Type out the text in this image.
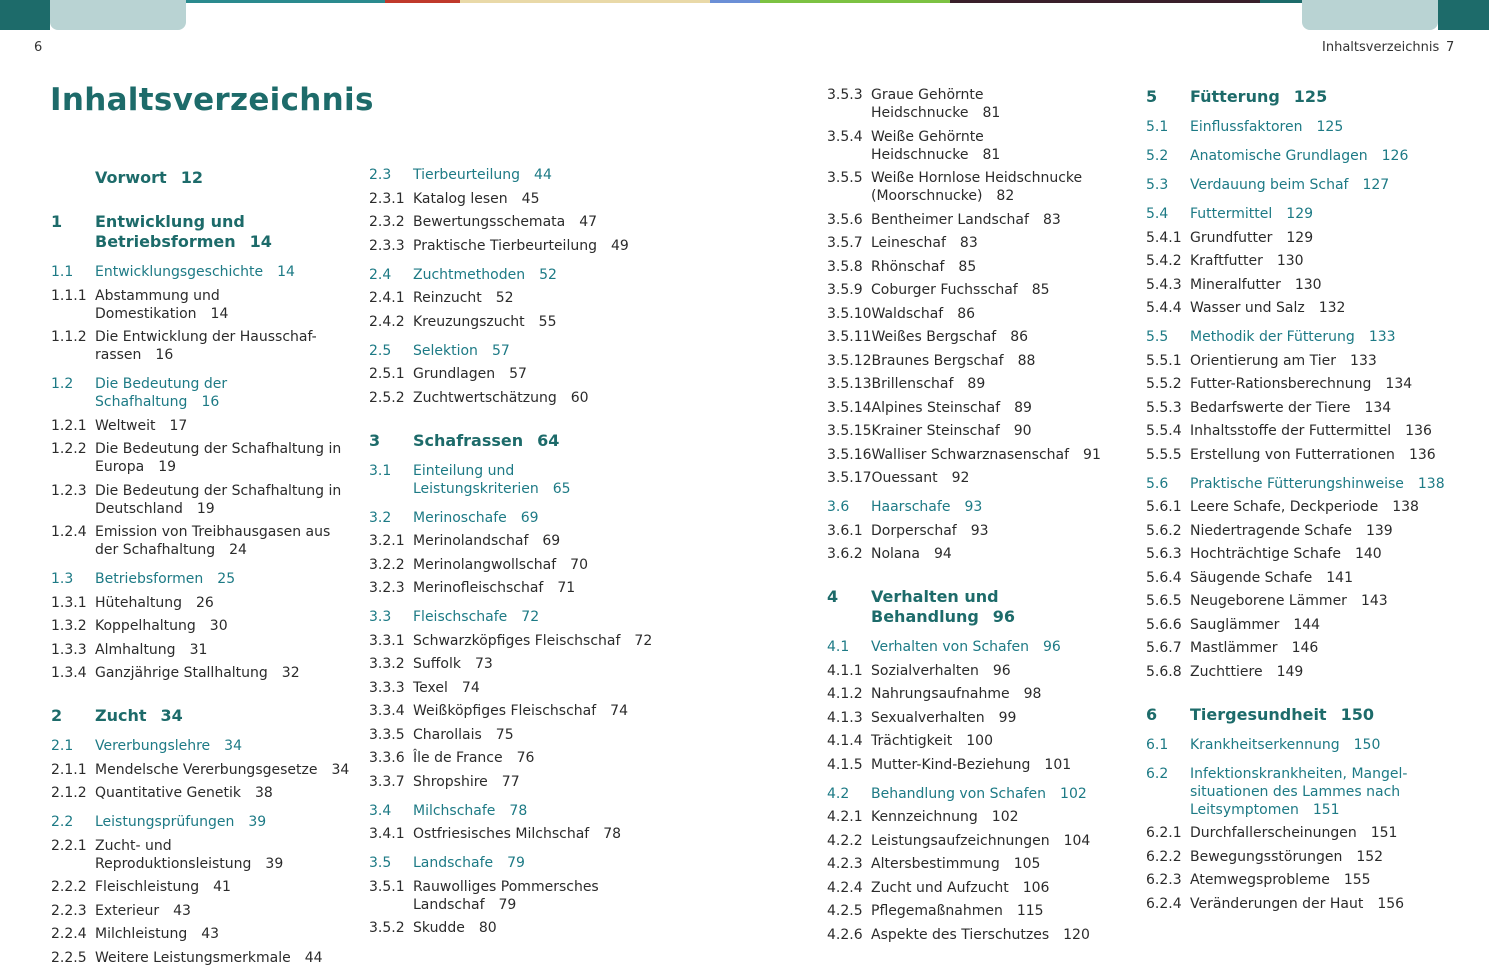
6	Inhaltsverzeichnis 7
Inhaltsverzeichnis
Vorwort 12
1	Entwicklung und Betriebsformen 14
1.1	Entwicklungsgeschichte 14
1.1.1 Abstammung und Domestikation 14
1.1.2 Die Entwicklung der Hausschaf-rassen 16
1.2	Die Bedeutung der Schafhaltung 16
1.2.1 Weltweit 17
1.2.2 Die Bedeutung der Schafhaltung in Europa 19
1.2.3 Die Bedeutung der Schafhaltung in Deutschland 19
1.2.4 Emission von Treibhausgasen aus der Schafhaltung 24
1.3	Betriebsformen 25
1.3.1 Hütehaltung 26
1.3.2 Koppelhaltung 30
1.3.3 Almhaltung 31
1.3.4 Ganzjährige Stallhaltung 32
2	Zucht 34
2.1	Vererbungslehre 34
2.1.1 Mendelsche Vererbungsgesetze 34
2.1.2 Quantitative Genetik 38
2.2	Leistungsprüfungen 39
2.2.1 Zucht- und Reproduktionsleistung 39
2.2.2 Fleischleistung 41
2.2.3 Exterieur 43
2.2.4 Milchleistung 43
2.2.5 Weitere Leistungsmerkmale 44
2.3	Tierbeurteilung 44
2.3.1 Katalog lesen 45
2.3.2 Bewertungsschemata 47
2.3.3 Praktische Tierbeurteilung 49
2.4	Zuchtmethoden 52
2.4.1 Reinzucht 52
2.4.2 Kreuzungszucht 55
2.5	Selektion 57
2.5.1 Grundlagen 57
2.5.2 Zuchtwertschätzung 60
3	Schafrassen 64
3.1	Einteilung und Leistungskriterien 65
3.2	Merinoschafe 69
3.2.1 Merinolandschaf 69
3.2.2 Merinolangwollschaf 70
3.2.3 Merinofleischschaf 71
3.3	Fleischschafe 72
3.3.1 Schwarzköpfiges Fleischschaf 72
3.3.2 Suffolk 73
3.3.3 Texel 74
3.3.4 Weißköpfiges Fleischschaf 74
3.3.5 Charollais 75
3.3.6 Île de France 76
3.3.7 Shropshire 77
3.4	Milchschafe 78
3.4.1 Ostfriesisches Milchschaf 78
3.5	Landschafe 79
3.5.1 Rauwolliges Pommersches Landschaf 79
3.5.2 Skudde 80
3.5.3 Graue Gehörnte Heidschnucke 81
3.5.4 Weiße Gehörnte Heidschnucke 81
3.5.5 Weiße Hornlose Heidschnucke (Moorschnucke) 82
3.5.6 Bentheimer Landschaf 83
3.5.7 Leineschaf 83
3.5.8 Rhönschaf 85
3.5.9 Coburger Fuchsschaf 85
3.5.10 Waldschaf 86
3.5.11 Weißes Bergschaf 86
3.5.12 Braunes Bergschaf 88
3.5.13 Brillenschaf 89
3.5.14 Alpines Steinschaf 89
3.5.15 Krainer Steinschaf 90
3.5.16 Walliser Schwarznasenschaf 91
3.5.17 Ouessant 92
3.6	Haarschafe 93
3.6.1 Dorperschaf 93
3.6.2 Nolana 94
4	Verhalten und Behandlung 96
4.1	Verhalten von Schafen 96
4.1.1 Sozialverhalten 96
4.1.2 Nahrungsaufnahme 98
4.1.3 Sexualverhalten 99
4.1.4 Trächtigkeit 100
4.1.5 Mutter-Kind-Beziehung 101
4.2	Behandlung von Schafen 102
4.2.1 Kennzeichnung 102
4.2.2 Leistungsaufzeichnungen 104
4.2.3 Altersbestimmung 105
4.2.4 Zucht und Aufzucht 106
4.2.5 Pflegemaßnahmen 115
4.2.6 Aspekte des Tierschutzes 120
5	Fütterung 125
5.1	Einflussfaktoren 125
5.2	Anatomische Grundlagen 126
5.3	Verdauung beim Schaf 127
5.4	Futtermittel 129
5.4.1 Grundfutter 129
5.4.2 Kraftfutter 130
5.4.3 Mineralfutter 130
5.4.4 Wasser und Salz 132
5.5	Methodik der Fütterung 133
5.5.1 Orientierung am Tier 133
5.5.2 Futter-Rationsberechnung 134
5.5.3 Bedarfswerte der Tiere 134
5.5.4 Inhaltsstoffe der Futtermittel 136
5.5.5 Erstellung von Futterrationen 136
5.6	Praktische Fütterungshinweise 138
5.6.1 Leere Schafe, Deckperiode 138
5.6.2 Niedertragende Schafe 139
5.6.3 Hochträchtige Schafe 140
5.6.4 Säugende Schafe 141
5.6.5 Neugeborene Lämmer 143
5.6.6 Sauglämmer 144
5.6.7 Mastlämmer 146
5.6.8 Zuchttiere 149
6	Tiergesundheit 150
6.1	Krankheitserkennung 150
6.2	Infektionskrankheiten, Mangel-situationen des Lammes nach Leitsymptomen 151
6.2.1 Durchfallerscheinungen 151
6.2.2 Bewegungsstörungen 152
6.2.3 Atemwegsprobleme 155
6.2.4 Veränderungen der Haut 156
